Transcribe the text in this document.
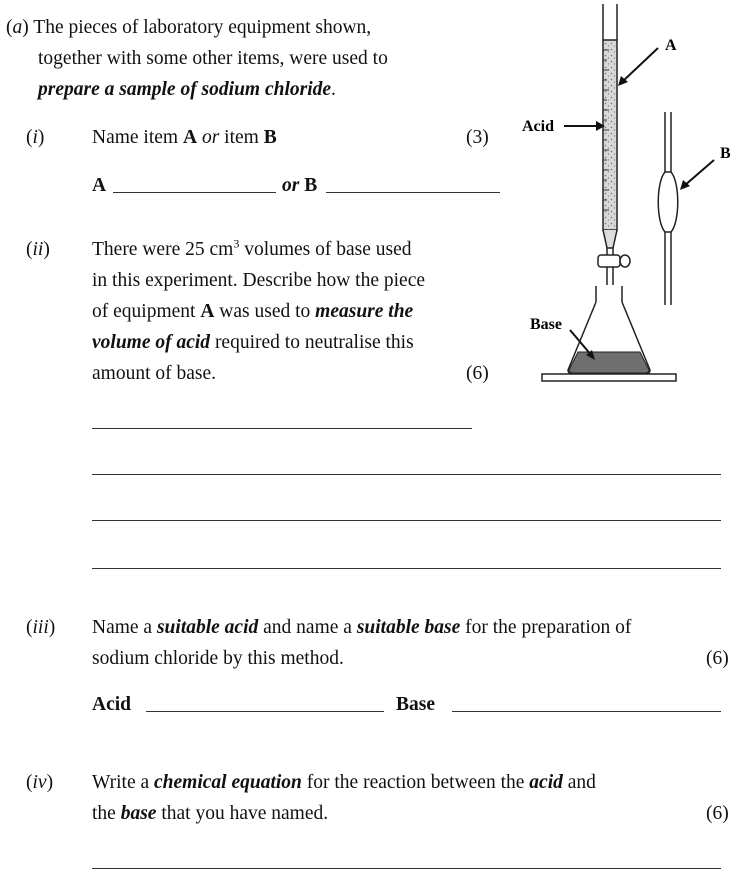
(a) The pieces of laboratory equipment shown,
together with some other items, were used to
prepare a sample of sodium chloride.
(i) Name item A or item B	(3)
A	or B
(ii) There were 25 $cm^3$ volumes of base used
in this experiment. Describe how the piece
of equipment A was used to measure the
volume of acid required to neutralise this
amount of base.	(6)
(iii) Name a suitable acid and name a suitable base for the preparation of
sodium chloride by this method.	(6)
Acid	Base
(iv) Write a chemical equation for the reaction between the acid and
the base that you have named.	(6)
A
Acid
B
Base
